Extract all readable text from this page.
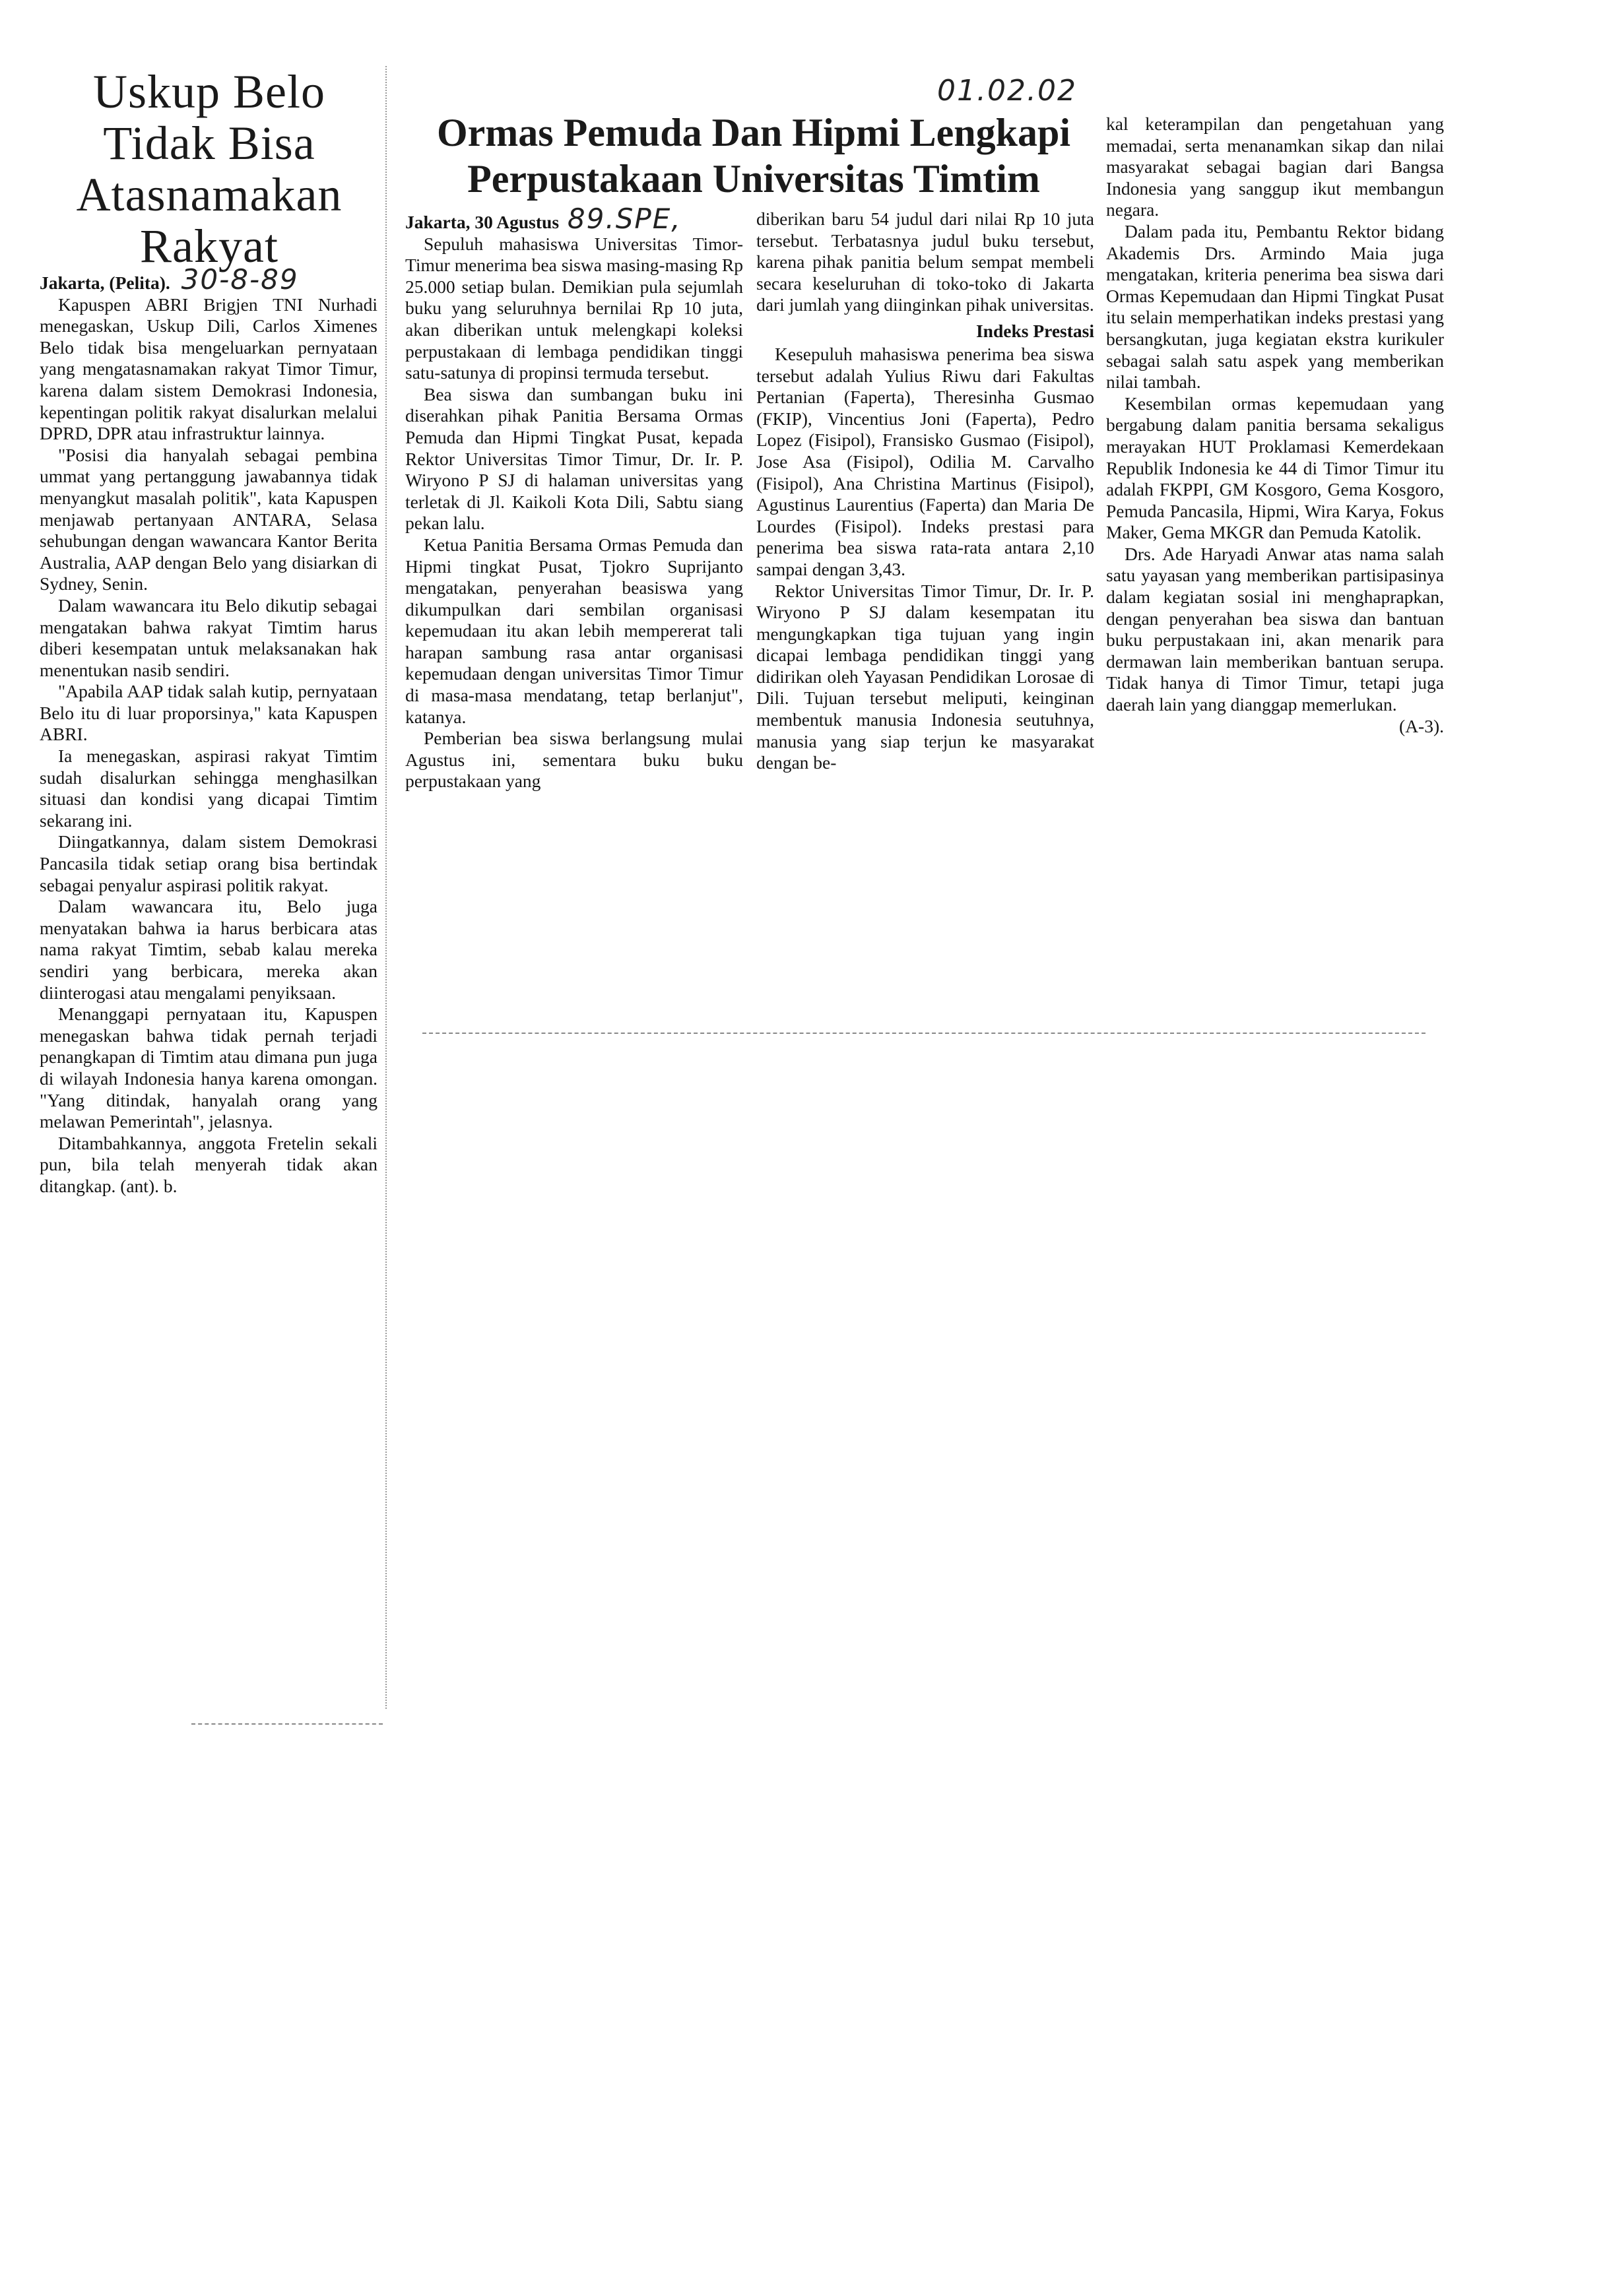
Uskup Belo Tidak Bisa Atasnamakan Rakyat

Jakarta, (Pelita). 30-8-89

Kapuspen ABRI Brigjen TNI Nurhadi menegaskan, Uskup Dili, Carlos Ximenes Belo tidak bisa mengeluarkan pernyataan yang mengatasnamakan rakyat Timor Timur, karena dalam sistem Demokrasi Indonesia, kepentingan politik rakyat disalurkan melalui DPRD, DPR atau infrastruktur lainnya.

"Posisi dia hanyalah sebagai pembina ummat yang pertanggung jawabannya tidak menyangkut masalah politik", kata Kapuspen menjawab pertanyaan ANTARA, Selasa sehubungan dengan wawancara Kantor Berita Australia, AAP dengan Belo yang disiarkan di Sydney, Senin.

Dalam wawancara itu Belo dikutip sebagai mengatakan bahwa rakyat Timtim harus diberi kesempatan untuk melaksanakan hak menentukan nasib sendiri.

"Apabila AAP tidak salah kutip, pernyataan Belo itu di luar proporsinya," kata Kapuspen ABRI.

Ia menegaskan, aspirasi rakyat Timtim sudah disalurkan sehingga menghasilkan situasi dan kondisi yang dicapai Timtim sekarang ini.

Diingatkannya, dalam sistem Demokrasi Pancasila tidak setiap orang bisa bertindak sebagai penyalur aspirasi politik rakyat.

Dalam wawancara itu, Belo juga menyatakan bahwa ia harus berbicara atas nama rakyat Timtim, sebab kalau mereka sendiri yang berbicara, mereka akan diinterogasi atau mengalami penyiksaan.

Menanggapi pernyataan itu, Kapuspen menegaskan bahwa tidak pernah terjadi penangkapan di Timtim atau dimana pun juga di wilayah Indonesia hanya karena omongan. "Yang ditindak, hanyalah orang yang melawan Pemerintah", jelasnya.

Ditambahkannya, anggota Fretelin sekali pun, bila telah menyerah tidak akan ditangkap. (ant). b.

01.02.02
Ormas Pemuda Dan Hipmi Lengkapi
Perpustakaan Universitas Timtim

Jakarta, 30 Agustus 89.SPE,

Sepuluh mahasiswa Universitas Timor-Timur menerima bea siswa masing-masing Rp 25.000 setiap bulan. Demikian pula sejumlah buku yang seluruhnya bernilai Rp 10 juta, akan diberikan untuk melengkapi koleksi perpustakaan di lembaga pendidikan tinggi satu-satunya di propinsi termuda tersebut.

Bea siswa dan sumbangan buku ini diserahkan pihak Panitia Bersama Ormas Pemuda dan Hipmi Tingkat Pusat, kepada Rektor Universitas Timor Timur, Dr. Ir. P. Wiryono P SJ di halaman universitas yang terletak di Jl. Kaikoli Kota Dili, Sabtu siang pekan lalu.

Ketua Panitia Bersama Ormas Pemuda dan Hipmi tingkat Pusat, Tjokro Suprijanto mengatakan, penyerahan beasiswa yang dikumpulkan dari sembilan organisasi kepemudaan itu akan lebih mempererat tali harapan sambung rasa antar organisasi kepemudaan dengan universitas Timor Timur di masa-masa mendatang, tetap berlanjut", katanya.

Pemberian bea siswa berlangsung mulai Agustus ini, sementara buku buku perpustakaan yang

diberikan baru 54 judul dari nilai Rp 10 juta tersebut. Terbatasnya judul buku tersebut, karena pihak panitia belum sempat membeli secara keseluruhan di toko-toko di Jakarta dari jumlah yang diinginkan pihak universitas.

Indeks Prestasi

Kesepuluh mahasiswa penerima bea siswa tersebut adalah Yulius Riwu dari Fakultas Pertanian (Faperta), Theresinha Gusmao (FKIP), Vincentius Joni (Faperta), Pedro Lopez (Fisipol), Fransisko Gusmao (Fisipol), Jose Asa (Fisipol), Odilia M. Carvalho (Fisipol), Ana Christina Martinus (Fisipol), Agustinus Laurentius (Faperta) dan Maria De Lourdes (Fisipol). Indeks prestasi para penerima bea siswa rata-rata antara 2,10 sampai dengan 3,43.

Rektor Universitas Timor Timur, Dr. Ir. P. Wiryono P SJ dalam kesempatan itu mengungkapkan tiga tujuan yang ingin dicapai lembaga pendidikan tinggi yang didirikan oleh Yayasan Pendidikan Lorosae di Dili. Tujuan tersebut meliputi, keinginan membentuk manusia Indonesia seutuhnya, manusia yang siap terjun ke masyarakat dengan be-

kal keterampilan dan pengetahuan yang memadai, serta menanamkan sikap dan nilai masyarakat sebagai bagian dari Bangsa Indonesia yang sanggup ikut membangun negara.

Dalam pada itu, Pembantu Rektor bidang Akademis Drs. Armindo Maia juga mengatakan, kriteria penerima bea siswa dari Ormas Kepemudaan dan Hipmi Tingkat Pusat itu selain memperhatikan indeks prestasi yang bersangkutan, juga kegiatan ekstra kurikuler sebagai salah satu aspek yang memberikan nilai tambah.

Kesembilan ormas kepemudaan yang bergabung dalam panitia bersama sekaligus merayakan HUT Proklamasi Kemerdekaan Republik Indonesia ke 44 di Timor Timur itu adalah FKPPI, GM Kosgoro, Gema Kosgoro, Pemuda Pancasila, Hipmi, Wira Karya, Fokus Maker, Gema MKGR dan Pemuda Katolik.

Drs. Ade Haryadi Anwar atas nama salah satu yayasan yang memberikan partisipasinya dalam kegiatan sosial ini menghaprapkan, dengan penyerahan bea siswa dan bantuan buku perpustakaan ini, akan menarik para dermawan lain memberikan bantuan serupa. Tidak hanya di Timor Timur, tetapi juga daerah lain yang dianggap memerlukan.

(A-3).
